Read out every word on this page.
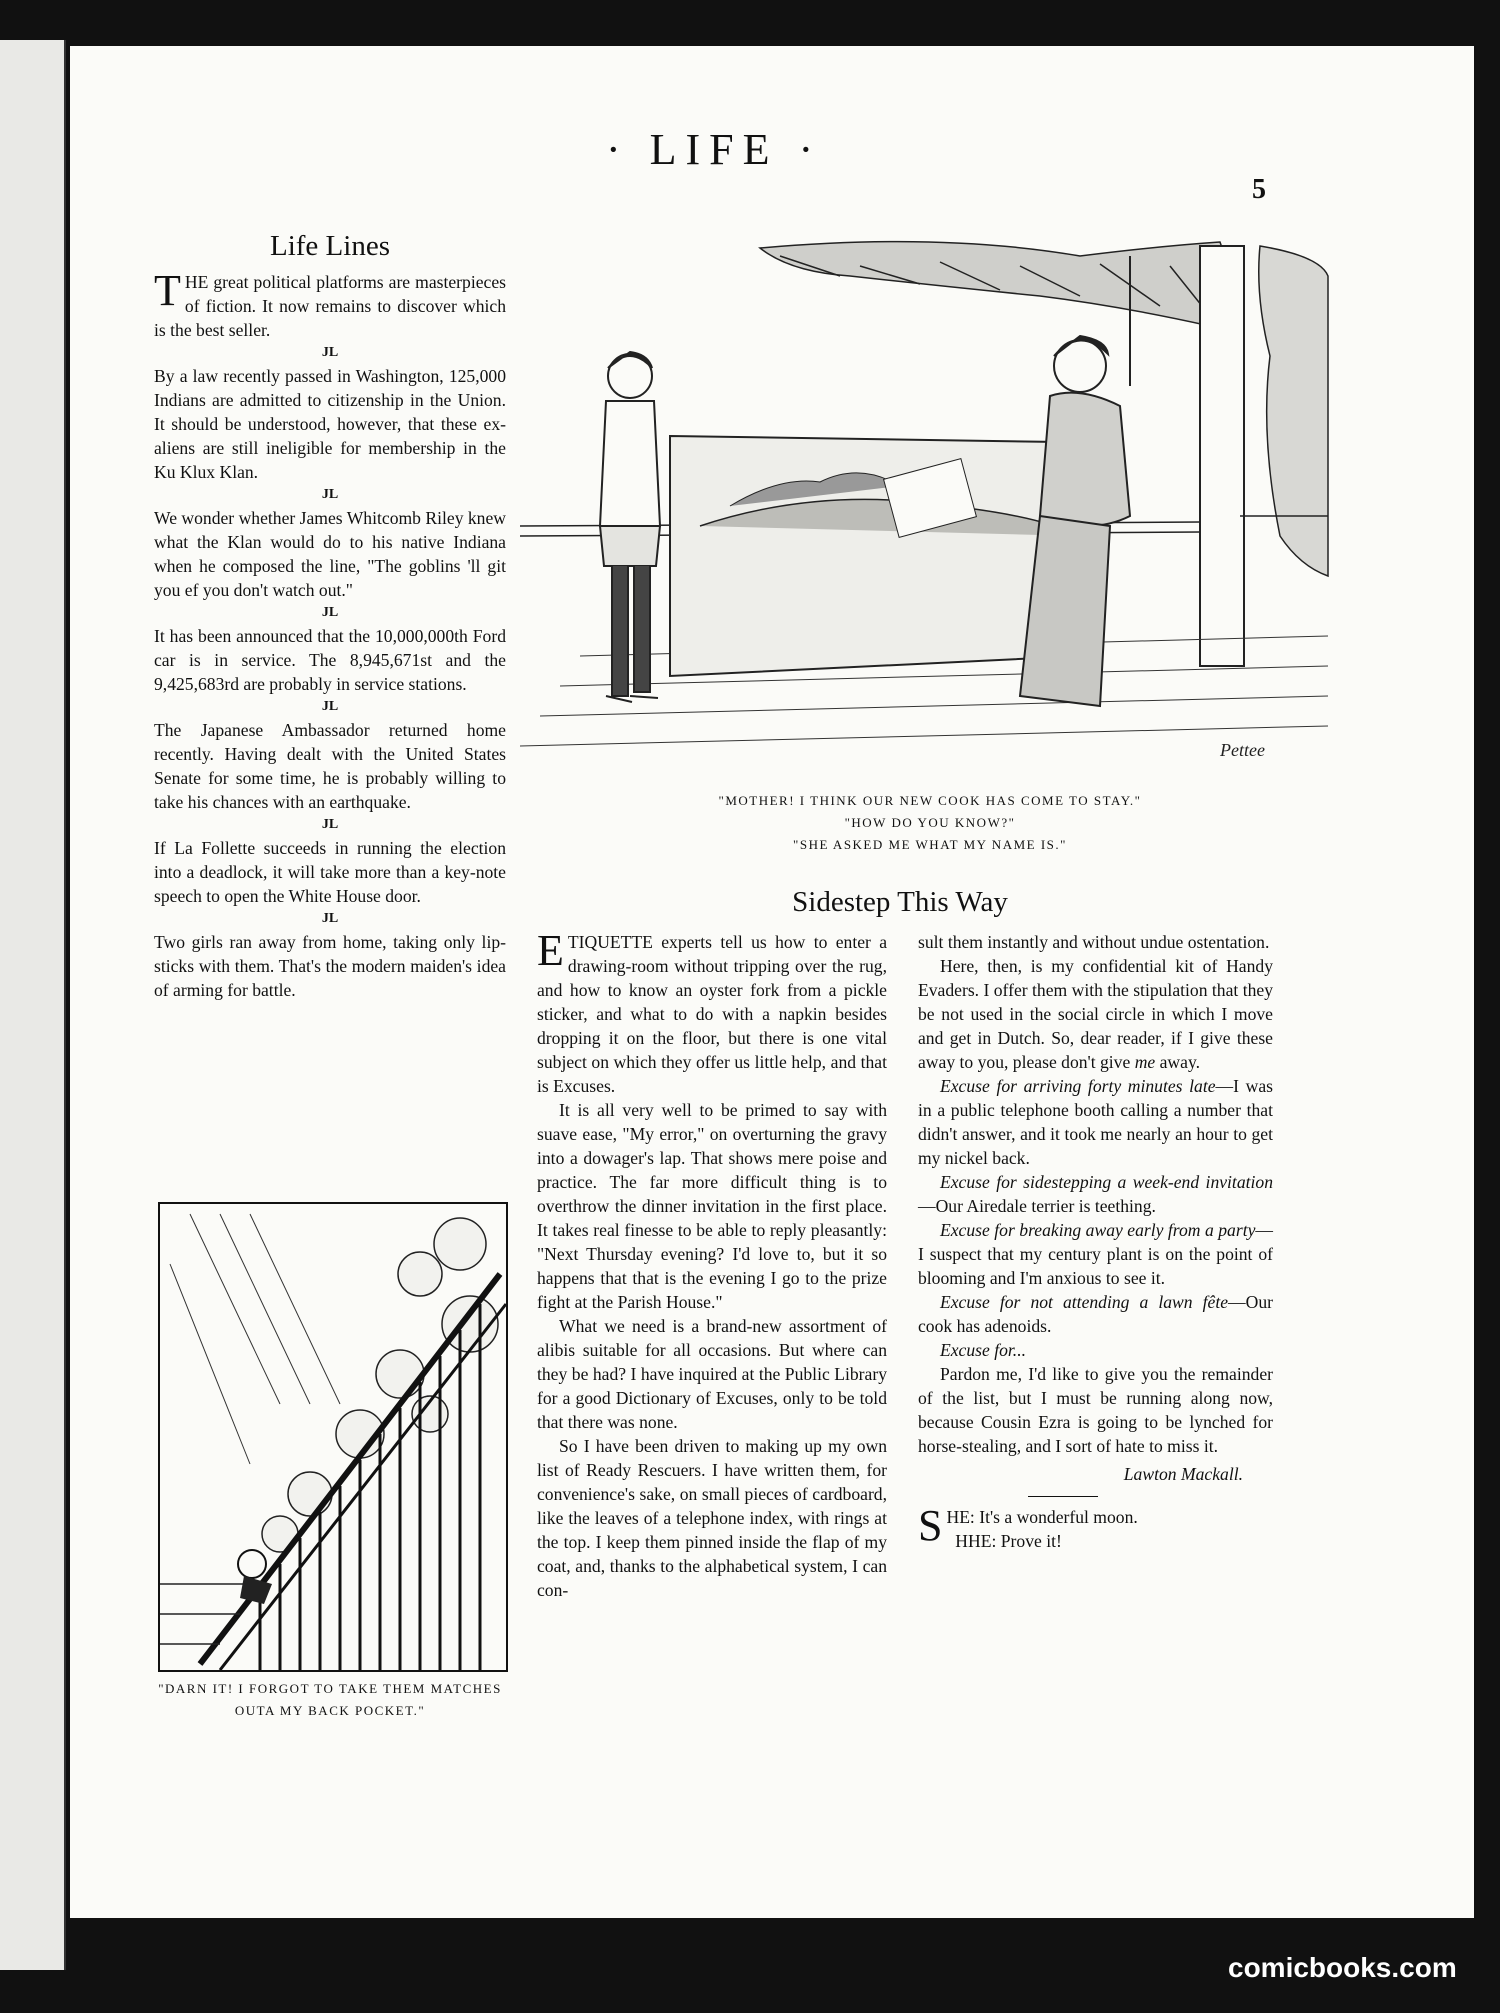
· LIFE ·
5
Life Lines

THE great political platforms are masterpieces of fiction. It now remains to discover which is the best seller.

JL

By a law recently passed in Washington, 125,000 Indians are admitted to citizenship in the Union. It should be understood, however, that these ex-aliens are still ineligible for membership in the Ku Klux Klan.

JL

We wonder whether James Whitcomb Riley knew what the Klan would do to his native Indiana when he composed the line, "The goblins 'll git you ef you don't watch out."

JL

It has been announced that the 10,000,000th Ford car is in service. The 8,945,671st and the 9,425,683rd are probably in service stations.

JL

The Japanese Ambassador returned home recently. Having dealt with the United States Senate for some time, he is probably willing to take his chances with an earthquake.

JL

If La Follette succeeds in running the election into a deadlock, it will take more than a key-note speech to open the White House door.

JL

Two girls ran away from home, taking only lip-sticks with them. That's the modern maiden's idea of arming for battle.

Pettee
"MOTHER! I THINK OUR NEW COOK HAS COME TO STAY."
"HOW DO YOU KNOW?"
"SHE ASKED ME WHAT MY NAME IS."
"DARN IT! I FORGOT TO TAKE THEM MATCHES OUTA MY BACK POCKET."
Sidestep This Way

ETIQUETTE experts tell us how to enter a drawing-room without tripping over the rug, and how to know an oyster fork from a pickle sticker, and what to do with a napkin besides dropping it on the floor, but there is one vital subject on which they offer us little help, and that is Excuses.

It is all very well to be primed to say with suave ease, "My error," on overturning the gravy into a dowager's lap. That shows mere poise and practice. The far more difficult thing is to overthrow the dinner invitation in the first place. It takes real finesse to be able to reply pleasantly: "Next Thursday evening? I'd love to, but it so happens that that is the evening I go to the prize fight at the Parish House."

What we need is a brand-new assortment of alibis suitable for all occasions. But where can they be had? I have inquired at the Public Library for a good Dictionary of Excuses, only to be told that there was none.

So I have been driven to making up my own list of Ready Rescuers. I have written them, for convenience's sake, on small pieces of cardboard, like the leaves of a telephone index, with rings at the top. I keep them pinned inside the flap of my coat, and, thanks to the alphabetical system, I can con-

sult them instantly and without undue ostentation.

Here, then, is my confidential kit of Handy Evaders. I offer them with the stipulation that they be not used in the social circle in which I move and get in Dutch. So, dear reader, if I give these away to you, please don't give me away.

Excuse for arriving forty minutes late—I was in a public telephone booth calling a number that didn't answer, and it took me nearly an hour to get my nickel back.

Excuse for sidestepping a week-end invitation—Our Airedale terrier is teething.

Excuse for breaking away early from a party—I suspect that my century plant is on the point of blooming and I'm anxious to see it.

Excuse for not attending a lawn fête—Our cook has adenoids.

Excuse for...

Pardon me, I'd like to give you the remainder of the list, but I must be running along now, because Cousin Ezra is going to be lynched for horse-stealing, and I sort of hate to miss it.

Lawton Mackall.

SHE: It's a wonderful moon.

HHE: Prove it!

comicbooks.com
